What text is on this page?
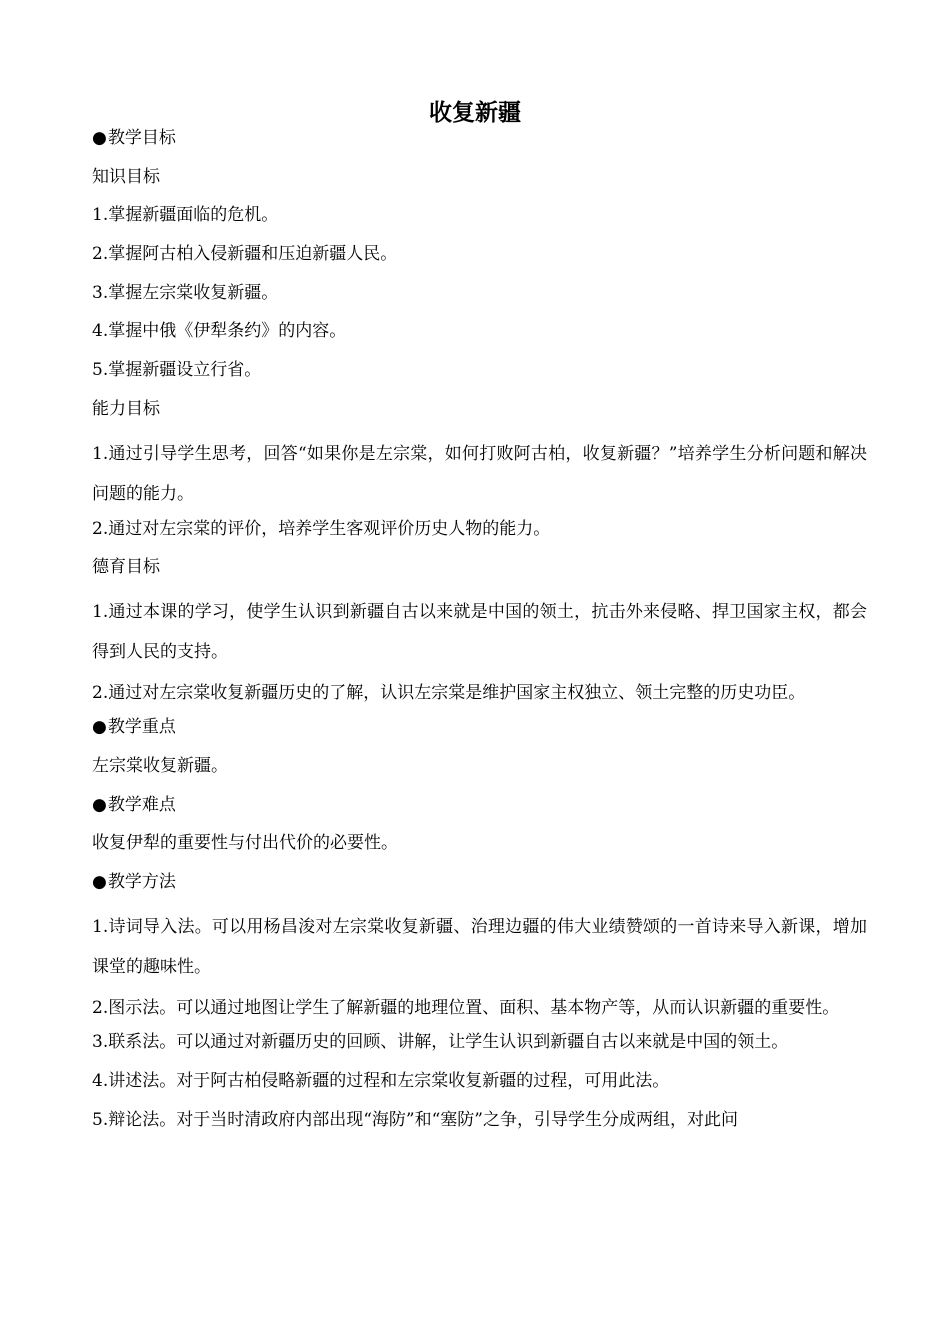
收复新疆

●教学目标

知识目标

1.掌握新疆面临的危机。

2.掌握阿古柏入侵新疆和压迫新疆人民。

3.掌握左宗棠收复新疆。

4.掌握中俄《伊犁条约》的内容。

5.掌握新疆设立行省。

能力目标

1.通过引导学生思考，回答“如果你是左宗棠，如何打败阿古柏，收复新疆？”培养学生分析问题和解决问题的能力。

2.通过对左宗棠的评价，培养学生客观评价历史人物的能力。

德育目标

1.通过本课的学习，使学生认识到新疆自古以来就是中国的领土，抗击外来侵略、捍卫国家主权，都会得到人民的支持。

2.通过对左宗棠收复新疆历史的了解，认识左宗棠是维护国家主权独立、领土完整的历史功臣。

●教学重点

左宗棠收复新疆。

●教学难点

收复伊犁的重要性与付出代价的必要性。

●教学方法

1.诗词导入法。可以用杨昌浚对左宗棠收复新疆、治理边疆的伟大业绩赞颂的一首诗来导入新课，增加课堂的趣味性。

2.图示法。可以通过地图让学生了解新疆的地理位置、面积、基本物产等，从而认识新疆的重要性。

3.联系法。可以通过对新疆历史的回顾、讲解，让学生认识到新疆自古以来就是中国的领土。

4.讲述法。对于阿古柏侵略新疆的过程和左宗棠收复新疆的过程，可用此法。

5.辩论法。对于当时清政府内部出现“海防”和“塞防”之争，引导学生分成两组，对此问
